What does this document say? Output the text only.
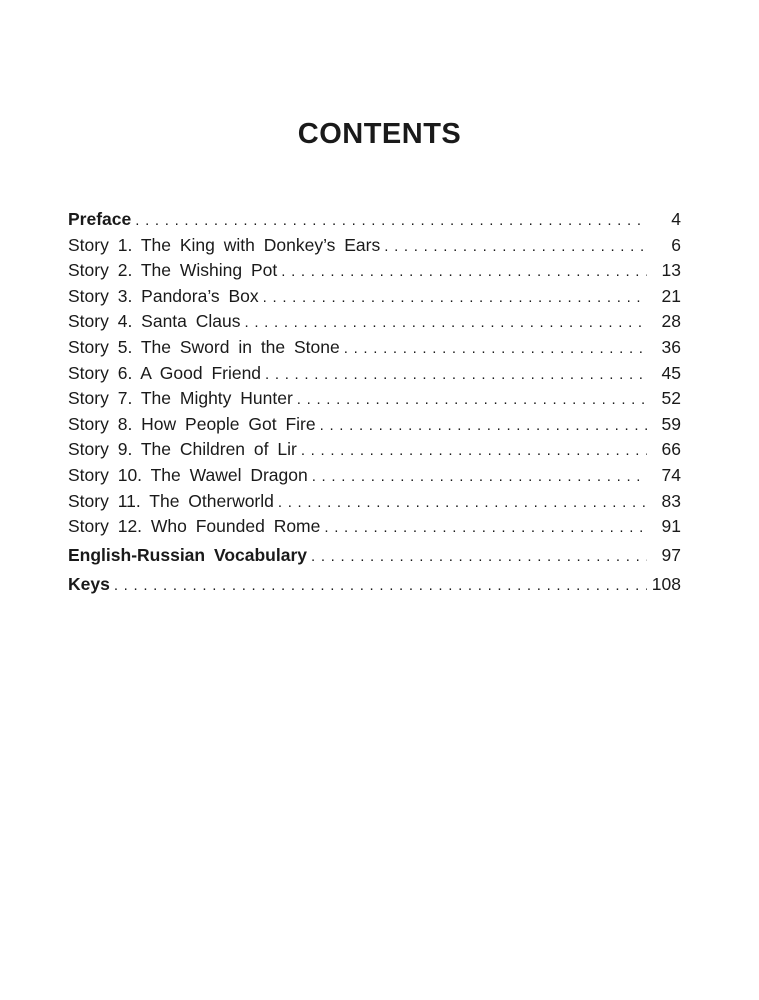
CONTENTS
Preface . . .	4
Story 1. The King with Donkey’s Ears . . .	6
Story 2. The Wishing Pot . . .	13
Story 3. Pandora’s Box . . .	21
Story 4. Santa Claus . . .	28
Story 5. The Sword in the Stone . . .	36
Story 6. A Good Friend . . .	45
Story 7. The Mighty Hunter . . .	52
Story 8. How People Got Fire . . .	59
Story 9. The Children of Lir . . .	66
Story 10. The Wawel Dragon . . .	74
Story 11. The Otherworld . . .	83
Story 12. Who Founded Rome . . .	91
English-Russian Vocabulary . . .	97
Keys . . .	108
